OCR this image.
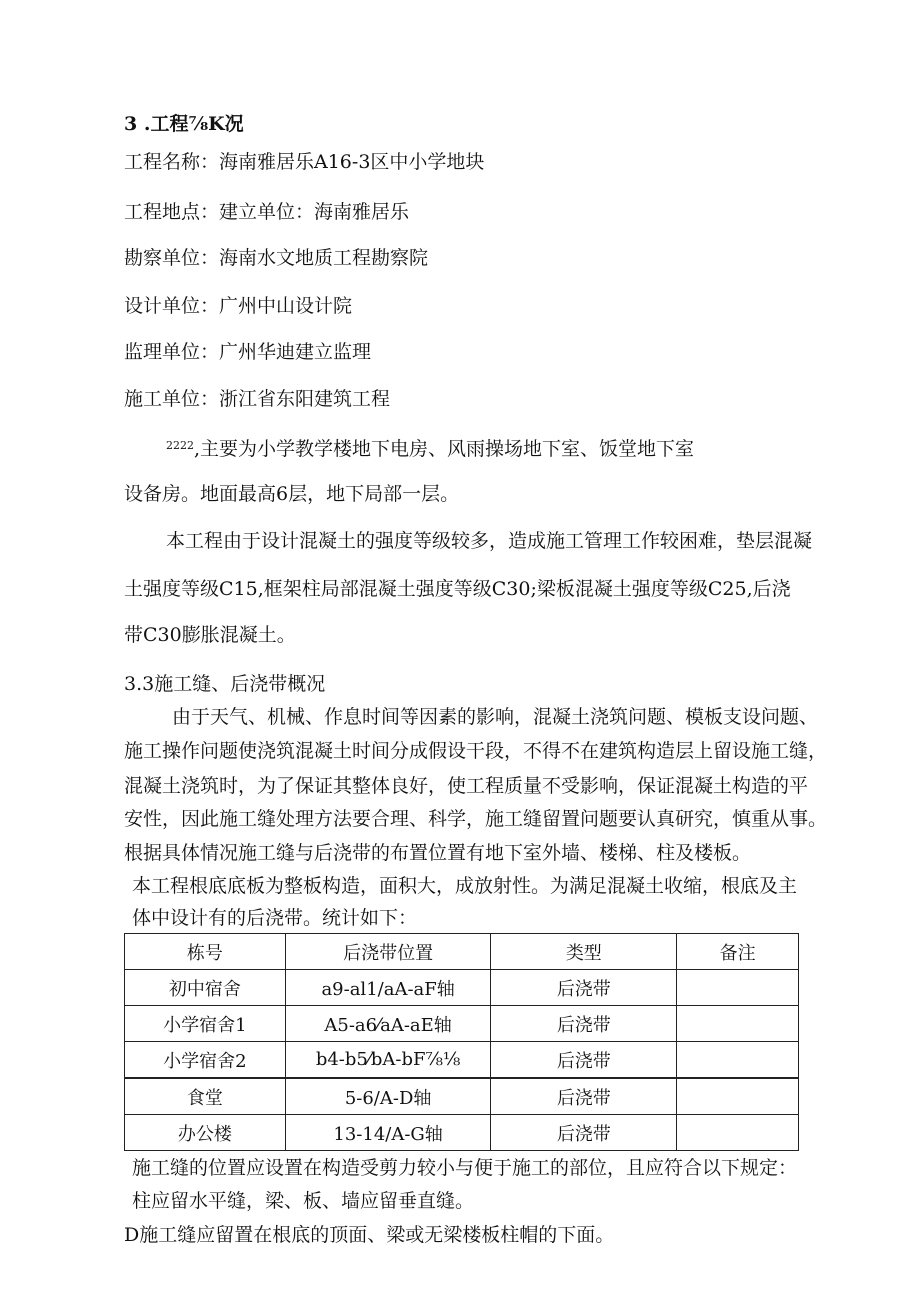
3 .工程⅞K况
工程名称：海南雅居乐A16-3区中小学地块
工程地点：建立单位：海南雅居乐
勘察单位：海南水文地质工程勘察院
设计单位：广州中山设计院
监理单位：广州华迪建立监理
施工单位：浙江省东阳建筑工程
$^{2222}$,主要为小学教学楼地下电房、风雨操场地下室、饭堂地下室
设备房。地面最高6层，地下局部一层。
本工程由于设计混凝土的强度等级较多，造成施工管理工作较困难，垫层混凝
土强度等级C15,框架柱局部混凝土强度等级C30;梁板混凝土强度等级C25,后浇
带C30膨胀混凝土。
3.3施工缝、后浇带概况
由于天气、机械、作息时间等因素的影响，混凝土浇筑问题、模板支设问题、
施工操作问题使浇筑混凝土时间分成假设干段，不得不在建筑构造层上留设施工缝，
混凝土浇筑时，为了保证其整体良好，使工程质量不受影响，保证混凝土构造的平
安性，因此施工缝处理方法要合理、科学，施工缝留置问题要认真研究，慎重从事。
根据具体情况施工缝与后浇带的布置位置有地下室外墙、楼梯、柱及楼板。
本工程根底底板为整板构造，面积大，成放射性。为满足混凝土收缩，根底及主
体中设计有的后浇带。统计如下：
栋号	后浇带位置	类型	备注
初中宿舍	a9-al1/aA-aF轴	后浇带	
小学宿舍1	A5-a6⁄aA-aE轴	后浇带	
小学宿舍2	b4-b5⁄bA-bF⅞⅛	后浇带	
食堂	5-6/A-D轴	后浇带	
办公楼	13-14/A-G轴	后浇带	
施工缝的位置应设置在构造受剪力较小与便于施工的部位，且应符合以下规定：
柱应留水平缝，梁、板、墙应留垂直缝。
D施工缝应留置在根底的顶面、梁或无梁楼板柱帽的下面。
